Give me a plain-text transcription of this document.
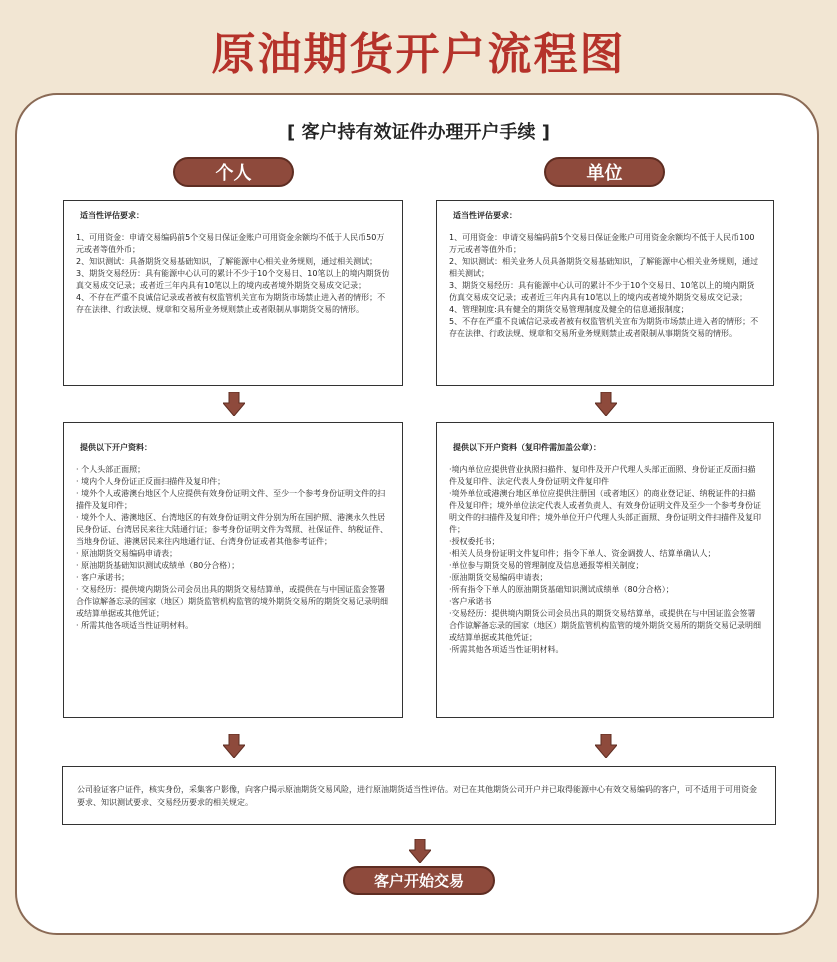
原油期货开户流程图
[ 客户持有效证件办理开户手续 ]
个人	单位
适当性评估要求：
1、可用资金：申请交易编码前5个交易日保证金账户可用资金余额均不低于人民币50万元或者等值外币；
2、知识测试：具备期货交易基础知识，了解能源中心相关业务规则，通过相关测试；
3、期货交易经历：具有能源中心认可的累计不少于10个交易日、10笔以上的境内期货仿真交易成交记录；或者近三年内具有10笔以上的境内或者境外期货交易成交记录；
4、不存在严重不良诚信记录或者被有权监管机关宣布为期货市场禁止进入者的情形；不存在法律、行政法规、规章和交易所业务规则禁止或者限制从事期货交易的情形。
适当性评估要求：
1、可用资金：申请交易编码前5个交易日保证金账户可用资金余额均不低于人民币100万元或者等值外币；
2、知识测试：相关业务人员具备期货交易基础知识，了解能源中心相关业务规则，通过相关测试；
3、期货交易经历：具有能源中心认可的累计不少于10个交易日、10笔以上的境内期货仿真交易成交记录；或者近三年内具有10笔以上的境内或者境外期货交易成交记录；
4、管理制度:具有健全的期货交易管理制度及健全的信息通报制度；
5、不存在严重不良诚信记录或者被有权监管机关宣布为期货市场禁止进入者的情形；不存在法律、行政法规、规章和交易所业务规则禁止或者限制从事期货交易的情形。
提供以下开户资料：
· 个人头部正面照；
· 境内个人身份证正反面扫描件及复印件；
· 境外个人或港澳台地区个人应提供有效身份证明文件、至少一个参考身份证明文件的扫描件及复印件；
· 境外个人、港澳地区、台湾地区的有效身份证明文件分别为所在国护照、港澳永久性居民身份证、台湾居民来往大陆通行证；参考身份证明文件为驾照、社保证件、纳税证件、当地身份证、港澳居民来往内地通行证、台湾身份证或者其他参考证件；
· 原油期货交易编码申请表；
· 原油期货基础知识测试成绩单（80分合格）；
· 客户承诺书；
· 交易经历：提供境内期货公司会员出具的期货交易结算单，或提供在与中国证监会签署合作谅解备忘录的国家（地区）期货监管机构监管的境外期货交易所的期货交易记录明细或结算单据或其他凭证；
· 所需其他各项适当性证明材料。
提供以下开户资料（复印件需加盖公章）：
·境内单位应提供营业执照扫描件、复印件及开户代理人头部正面照、身份证正反面扫描件及复印件、法定代表人身份证明文件复印件
·境外单位或港澳台地区单位应提供注册国（或者地区）的商业登记证、纳税证件的扫描件及复印件；境外单位法定代表人或者负责人、有效身份证明文件及至少一个参考身份证明文件的扫描件及复印件；境外单位开户代理人头部正面照、身份证明文件扫描件及复印件；
·授权委托书；
·相关人员身份证明文件复印件；指令下单人、资金调拨人、结算单确认人；
·单位参与期货交易的管理制度及信息通报等相关制度；
·原油期货交易编码申请表；
·所有指令下单人的原油期货基础知识测试成绩单（80分合格）；
·客户承诺书
·交易经历：提供境内期货公司会员出具的期货交易结算单，或提供在与中国证监会签署合作谅解备忘录的国家（地区）期货监管机构监管的境外期货交易所的期货交易记录明细或结算单据或其他凭证；
·所需其他各项适当性证明材料。
公司验证客户证件，核实身份，采集客户影像，向客户揭示原油期货交易风险，进行原油期货适当性评估。对已在其他期货公司开户并已取得能源中心有效交易编码的客户，可不适用于可用资金要求、知识测试要求、交易经历要求的相关规定。
客户开始交易
